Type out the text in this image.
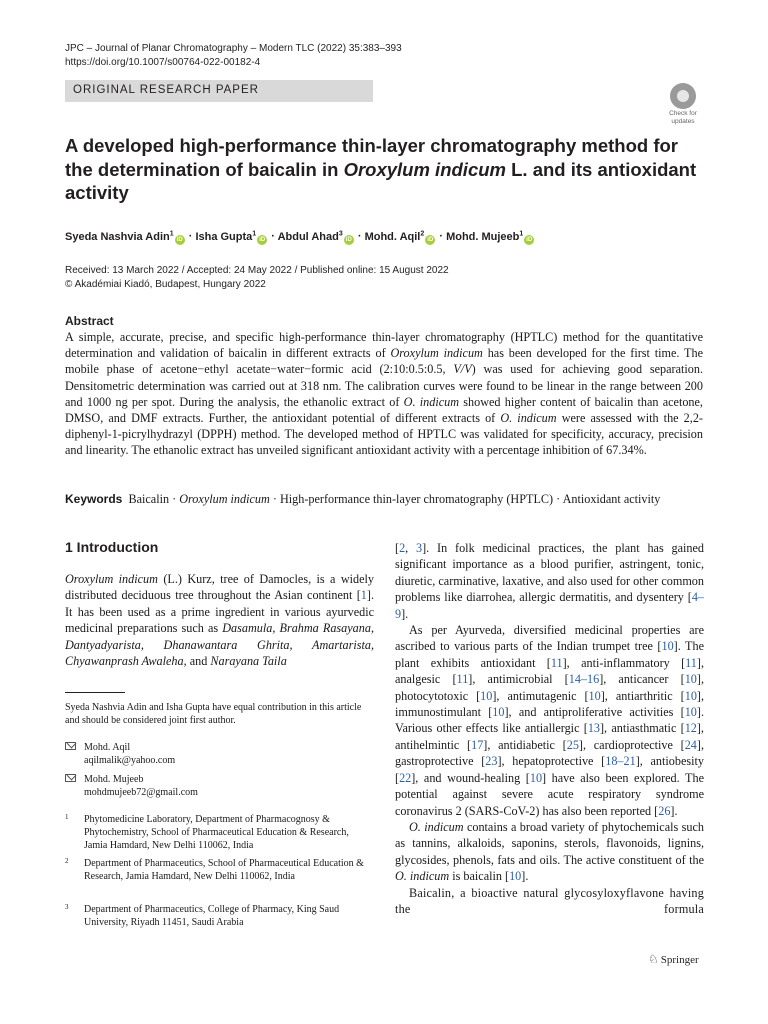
JPC – Journal of Planar Chromatography – Modern TLC (2022) 35:383–393
https://doi.org/10.1007/s00764-022-00182-4
ORIGINAL RESEARCH PAPER
Check for
updates
A developed high-performance thin-layer chromatography method for the determination of baicalin in Oroxylum indicum L. and its antioxidant activity
Syeda Nashvia Adin$^1$iD · Isha Gupta$^1$iD · Abdul Ahad$^3$iD · Mohd. Aqil$^2$iD · Mohd. Mujeeb$^1$iD
Received: 13 March 2022 / Accepted: 24 May 2022 / Published online: 15 August 2022
© Akadémiai Kiadó, Budapest, Hungary 2022
Abstract

A simple, accurate, precise, and specific high-performance thin-layer chromatography (HPTLC) method for the quantitative determination and validation of baicalin in different extracts of Oroxylum indicum has been developed for the first time. The mobile phase of acetone−ethyl acetate−water−formic acid (2:10:0.5:0.5, V/V) was used for achieving good separation. Densitometric determination was carried out at 318 nm. The calibration curves were found to be linear in the range between 200 and 1000 ng per spot. During the analysis, the ethanolic extract of O. indicum showed higher content of baicalin than acetone, DMSO, and DMF extracts. Further, the antioxidant potential of different extracts of O. indicum were assessed with the 2,2-diphenyl-1-picrylhydrazyl (DPPH) method. The developed method of HPTLC was validated for specificity, accuracy, precision and linearity. The ethanolic extract has unveiled significant antioxidant activity with a percentage inhibition of 67.34%.

Keywords Baicalin · Oroxylum indicum · High-performance thin-layer chromatography (HPTLC) · Antioxidant activity

1 Introduction

Oroxylum indicum (L.) Kurz, tree of Damocles, is a widely distributed deciduous tree throughout the Asian continent [1]. It has been used as a prime ingredient in various ayurvedic medicinal preparations such as Dasamula, Brahma Rasayana, Dantyadyarista, Dhanawantara Ghrita, Amartarista, Chyawanprash Awaleha, and Narayana Taila

Syeda Nashvia Adin and Isha Gupta have equal contribution in this article and should be considered joint first author.

Mohd. Aqil
aqilmalik@yahoo.com
Mohd. Mujeeb
mohdmujeeb72@gmail.com
1 Phytomedicine Laboratory, Department of Pharmacognosy & Phytochemistry, School of Pharmaceutical Education & Research, Jamia Hamdard, New Delhi 110062, India
2 Department of Pharmaceutics, School of Pharmaceutical Education & Research, Jamia Hamdard, New Delhi 110062, India
3 Department of Pharmaceutics, College of Pharmacy, King Saud University, Riyadh 11451, Saudi Arabia

[2, 3]. In folk medicinal practices, the plant has gained significant importance as a blood purifier, astringent, tonic, diuretic, carminative, laxative, and also used for other common problems like diarrohea, allergic dermatitis, and dysentery [4–9].

As per Ayurveda, diversified medicinal properties are ascribed to various parts of the Indian trumpet tree [10]. The plant exhibits antioxidant [11], anti-inflammatory [11], analgesic [11], antimicrobial [14–16], anticancer [10], photocytotoxic [10], antimutagenic [10], antiarthritic [10], immunostimulant [10], and antiproliferative activities [10]. Various other effects like antiallergic [13], antiasthmatic [12], antihelmintic [17], antidiabetic [25], cardioprotective [24], gastroprotective [23], hepatoprotective [18–21], antiobesity [22], and wound-healing [10] have also been explored. The potential against severe acute respiratory syndrome coronavirus 2 (SARS-CoV-2) has also been reported [26].

O. indicum contains a broad variety of phytochemicals such as tannins, alkaloids, saponins, sterols, flavonoids, lignins, glycosides, phenols, fats and oils. The active constituent of the O. indicum is baicalin [10].

Baicalin, a bioactive natural glycosyloxyflavone having the formula

♘ Springer
